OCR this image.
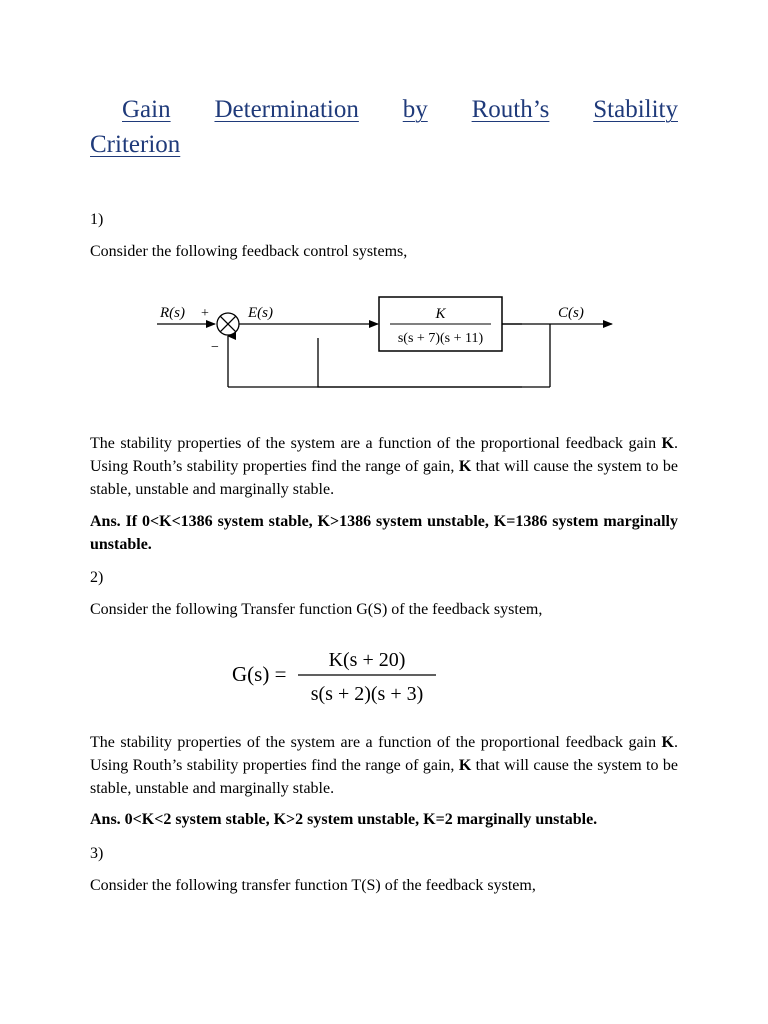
Gain Determination by Routh’s Stability
Criterion
1)
Consider the following feedback control systems,
R(s) +
−
E(s)	K
s(s + 7)(s + 11)
C(s)
The stability properties of the system are a function of the proportional feedback gain K. Using Routh’s stability properties find the range of gain, K that will cause the system to be stable, unstable and marginally stable.
Ans. If 0<K<1386 system stable, K>1386 system unstable, K=1386 system marginally unstable.
2)
Consider the following Transfer function G(S) of the feedback system,
G(s) =
K(s + 20)
s(s + 2)(s + 3)
The stability properties of the system are a function of the proportional feedback gain K. Using Routh’s stability properties find the range of gain, K that will cause the system to be stable, unstable and marginally stable.
Ans. 0<K<2 system stable, K>2 system unstable, K=2 marginally unstable.
3)
Consider the following transfer function T(S) of the feedback system,
